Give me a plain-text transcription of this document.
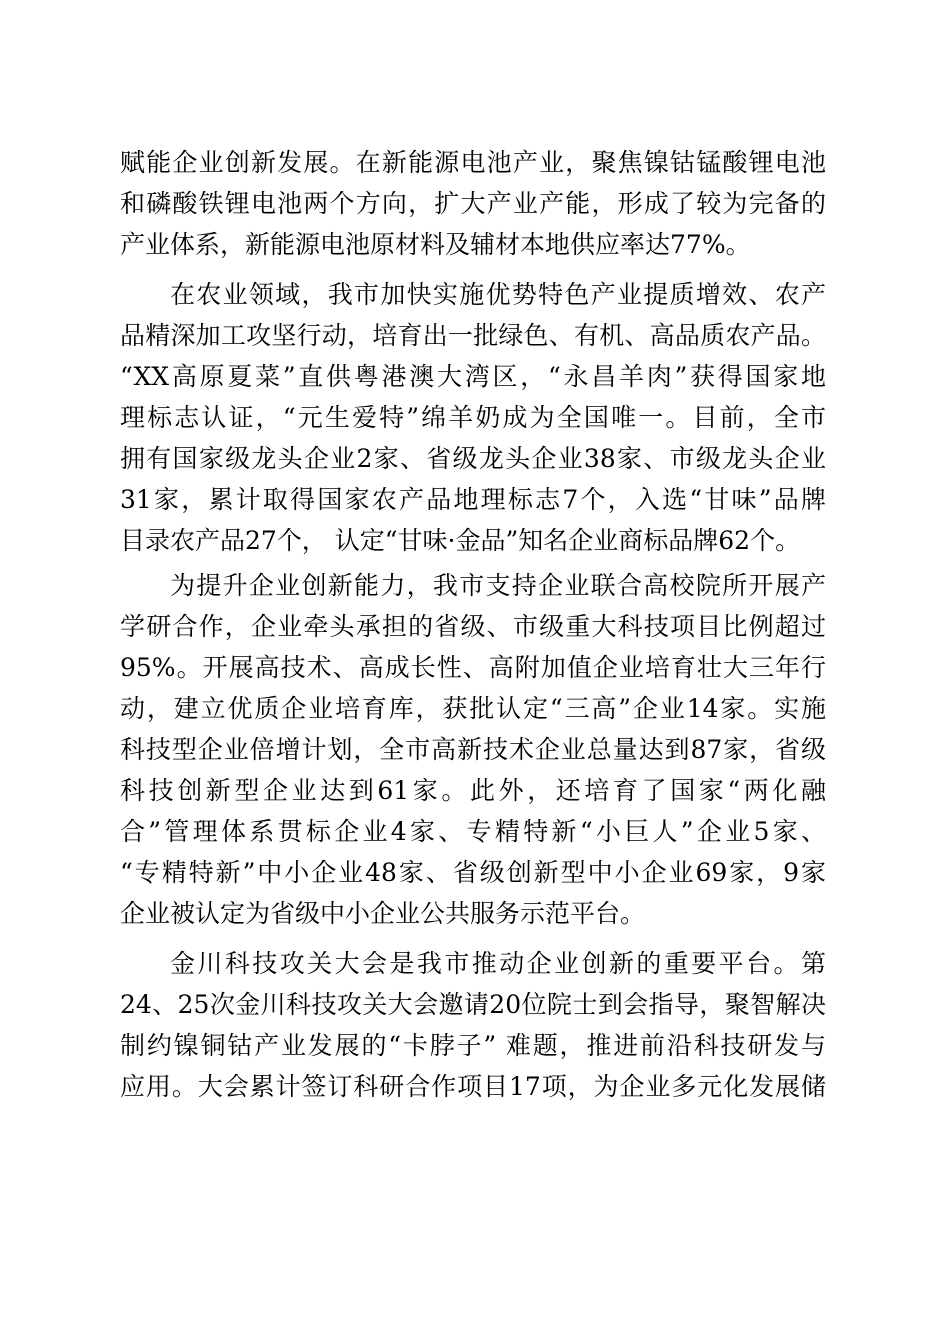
赋能企业创新发展。在新能源电池产业，聚焦镍钴锰酸锂电池
和磷酸铁锂电池两个方向，扩大产业产能，形成了较为完备的
产业体系，新能源电池原材料及辅材本地供应率达77%。
在农业领域，我市加快实施优势特色产业提质增效、农产
品精深加工攻坚行动，培育出一批绿色、有机、高品质农产品。
“XX高原夏菜”直供粤港澳大湾区，“永昌羊肉”获得国家地
理标志认证，“元生爱特”绵羊奶成为全国唯一。目前，全市
拥有国家级龙头企业2家、省级龙头企业38家、市级龙头企业
31家，累计取得国家农产品地理标志7个，入选“甘味”品牌
目录农产品27个， 认定“甘味·金品”知名企业商标品牌62个。
为提升企业创新能力，我市支持企业联合高校院所开展产
学研合作，企业牵头承担的省级、市级重大科技项目比例超过
95%。开展高技术、高成长性、高附加值企业培育壮大三年行
动，建立优质企业培育库，获批认定“三高”企业14家。实施
科技型企业倍增计划，全市高新技术企业总量达到87家，省级
科技创新型企业达到61家。此外，还培育了国家“两化融
合”管理体系贯标企业4家、专精特新“小巨人”企业5家、
“专精特新”中小企业48家、省级创新型中小企业69家，9家
企业被认定为省级中小企业公共服务示范平台。
金川科技攻关大会是我市推动企业创新的重要平台。第
24、25次金川科技攻关大会邀请20位院士到会指导，聚智解决
制约镍铜钴产业发展的“卡脖子” 难题，推进前沿科技研发与
应用。大会累计签订科研合作项目17项，为企业多元化发展储
